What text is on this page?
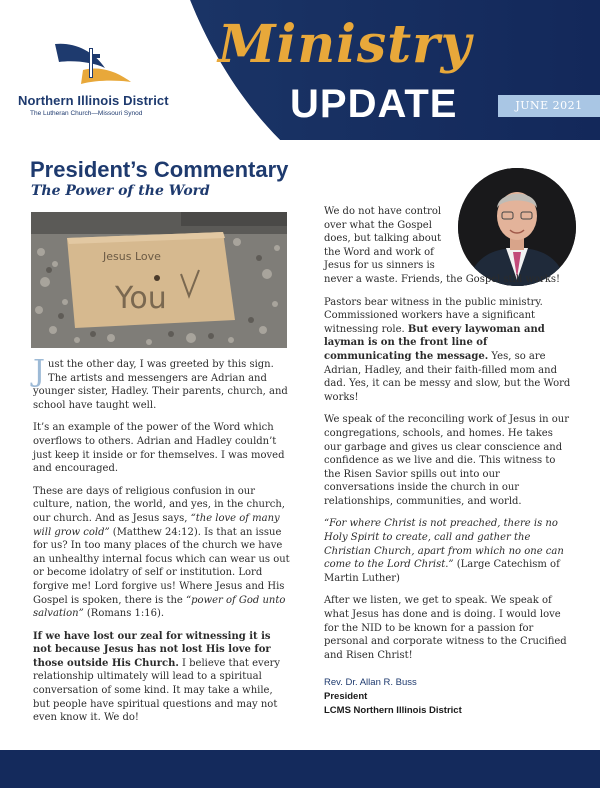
Northern Illinois District
The Lutheran Church—Missouri Synod
Ministry
UPDATE	JUNE 2021
President’s Commentary
The Power of the Word
Jesus Love
You

Just the other day, I was greeted by this sign. The artists and messengers are Adrian and younger sister, Hadley. Their parents, church, and school have taught well.

It’s an example of the power of the Word which overflows to others. Adrian and Hadley couldn’t just keep it inside or for themselves. I was moved and encouraged.

These are days of religious confusion in our culture, nation, the world, and yes, in the church, our church. And as Jesus says, “the love of many will grow cold” (Matthew 24:12). Is that an issue for us? In too many places of the church we have an unhealthy internal focus which can wear us out or become idolatry of self or institution. Lord forgive me! Lord forgive us! Where Jesus and His Gospel is spoken, there is the “power of God unto salvation” (Romans 1:16).

If we have lost our zeal for witnessing it is not because Jesus has not lost His love for those outside His Church. I believe that every relationship ultimately will lead to a spiritual conversation of some kind. It may take a while, but people have spiritual questions and may not even know it. We do!

We do not have control over what the Gospel does, but talking about the Word and work of Jesus for us sinners is
never a waste. Friends, the Gospel still works!

Pastors bear witness in the public ministry. Commissioned workers have a significant witnessing role. But every laywoman and layman is on the front line of communicating the message. Yes, so are Adrian, Hadley, and their faith-filled mom and dad. Yes, it can be messy and slow, but the Word works!

We speak of the reconciling work of Jesus in our congregations, schools, and homes. He takes our garbage and gives us clear conscience and confidence as we live and die. This witness to the Risen Savior spills out into our conversations inside the church in our relationships, communities, and world.

“For where Christ is not preached, there is no Holy Spirit to create, call and gather the Christian Church, apart from which no one can come to the Lord Christ.” (Large Catechism of Martin Luther)

After we listen, we get to speak. We speak of what Jesus has done and is doing. I would love for the NID to be known for a passion for personal and corporate witness to the Crucified and Risen Christ!

Rev. Dr. Allan R. Buss
President
LCMS Northern Illinois District
